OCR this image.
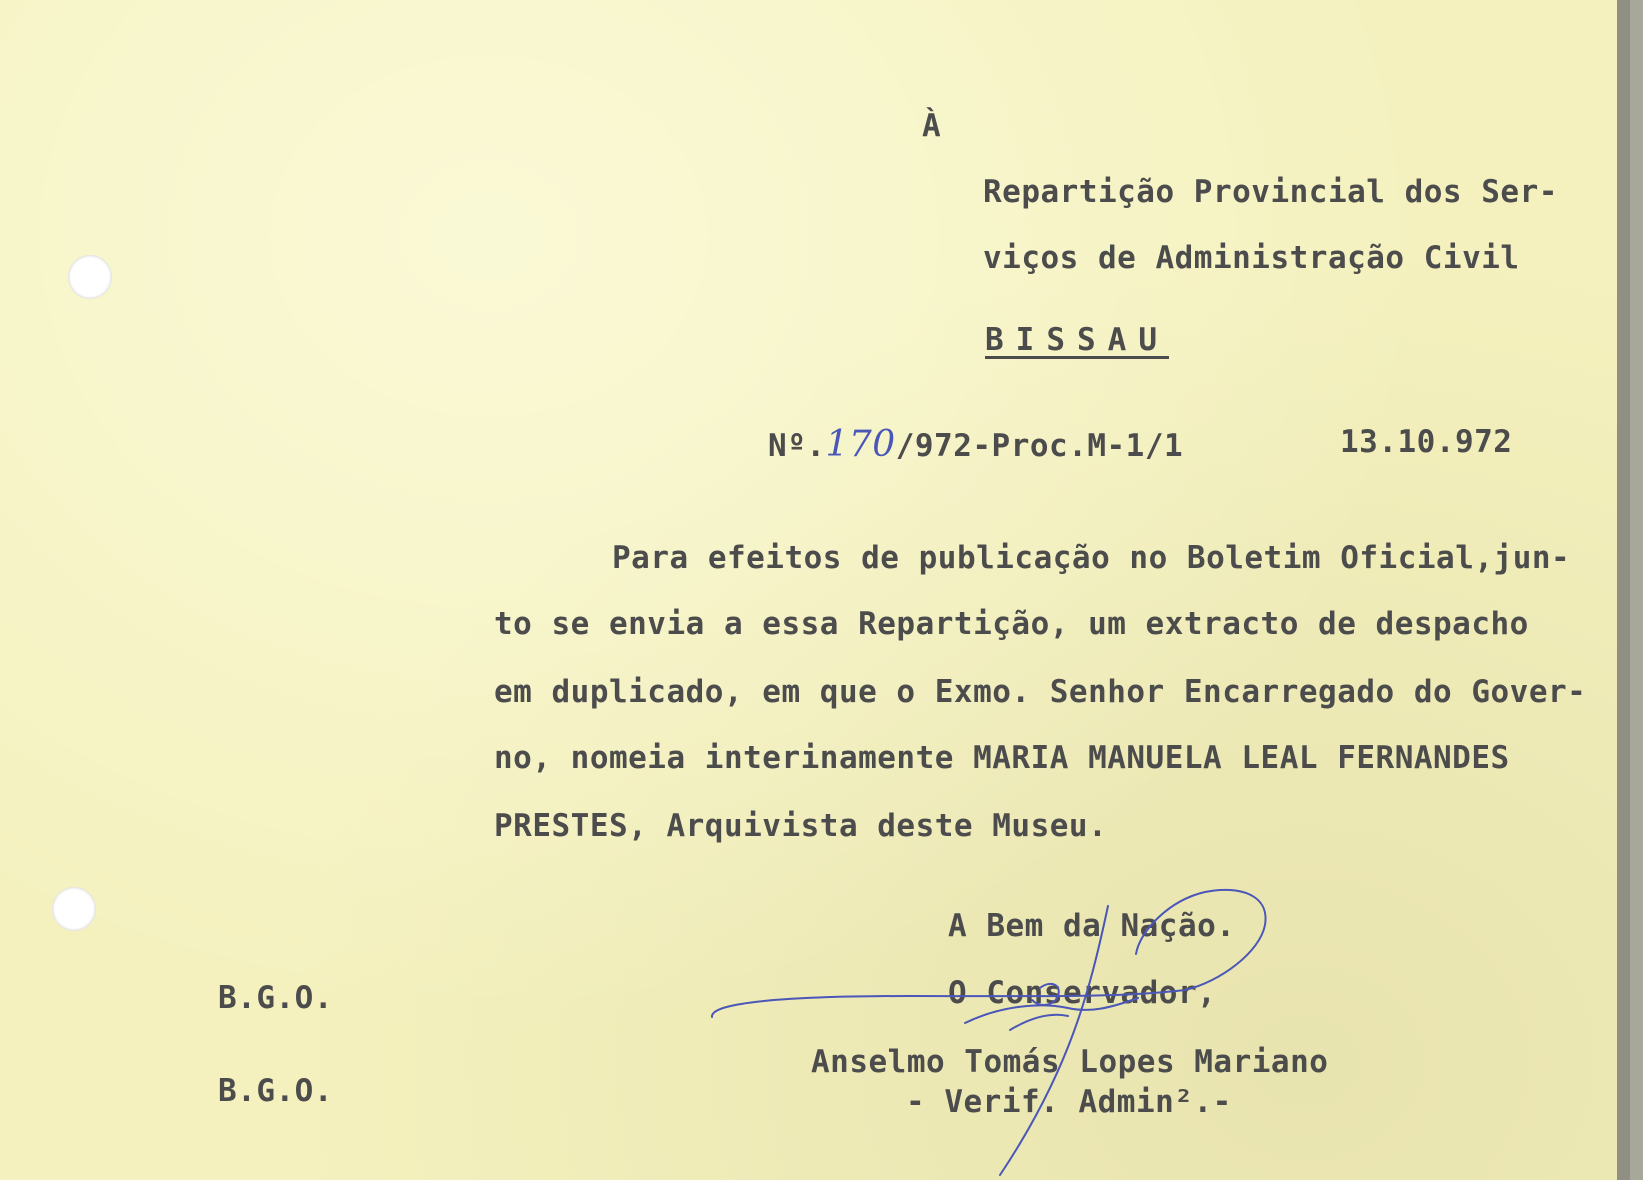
À
Repartição Provincial dos Ser-
viços de Administração Civil
BISSAU
Nº.170/972-Proc.M-1/1	13.10.972
Para efeitos de publicação no Boletim Oficial,jun-
to se envia a essa Repartição, um extracto de despacho
em duplicado, em que o Exmo. Senhor Encarregado do Gover-
no, nomeia interinamente MARIA MANUELA LEAL FERNANDES
PRESTES, Arquivista deste Museu.
A Bem da Nação.
O Conservador,
Anselmo Tomás Lopes Mariano
- Verif. Admin².-
B.G.O.
B.G.O.
